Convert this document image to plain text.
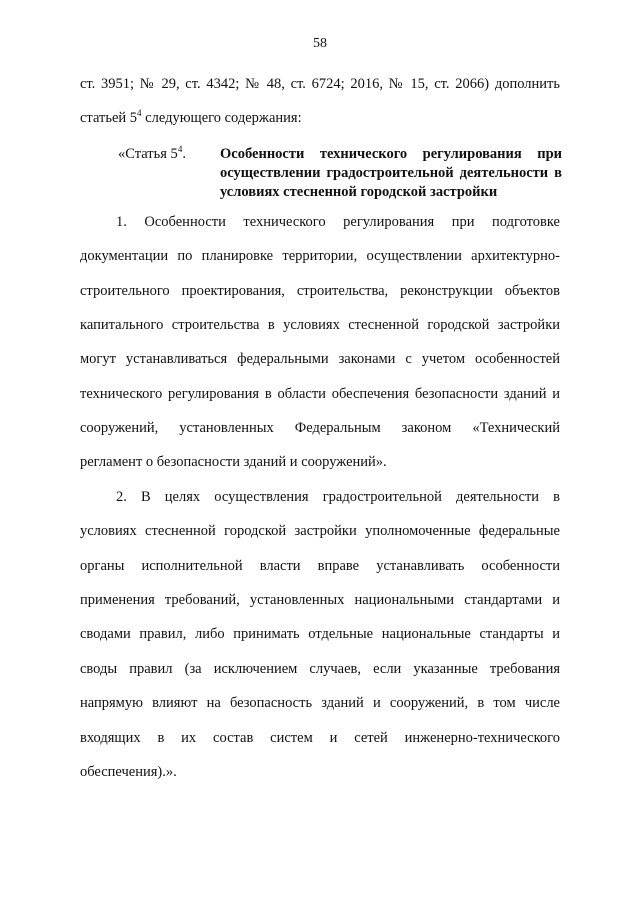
58
ст. 3951; № 29, ст. 4342; № 48, ст. 6724; 2016, № 15, ст. 2066) дополнить
статьей $5^4$ следующего содержания:
«Статья $5^4$. Особенности технического регулирования при
осуществлении градостроительной деятельности в
условиях стесненной городской застройки
1. Особенности технического регулирования при подготовке
документации по планировке территории, осуществлении архитектурно-
строительного проектирования, строительства, реконструкции объектов
капитального строительства в условиях стесненной городской застройки
могут устанавливаться федеральными законами с учетом особенностей
технического регулирования в области обеспечения безопасности зданий и
сооружений, установленных Федеральным законом «Технический
регламент о безопасности зданий и сооружений».
2. В целях осуществления градостроительной деятельности в
условиях стесненной городской застройки уполномоченные федеральные
органы исполнительной власти вправе устанавливать особенности
применения требований, установленных национальными стандартами и
сводами правил, либо принимать отдельные национальные стандарты и
своды правил (за исключением случаев, если указанные требования
напрямую влияют на безопасность зданий и сооружений, в том числе
входящих в их состав систем и сетей инженерно-технического
обеспечения).».
